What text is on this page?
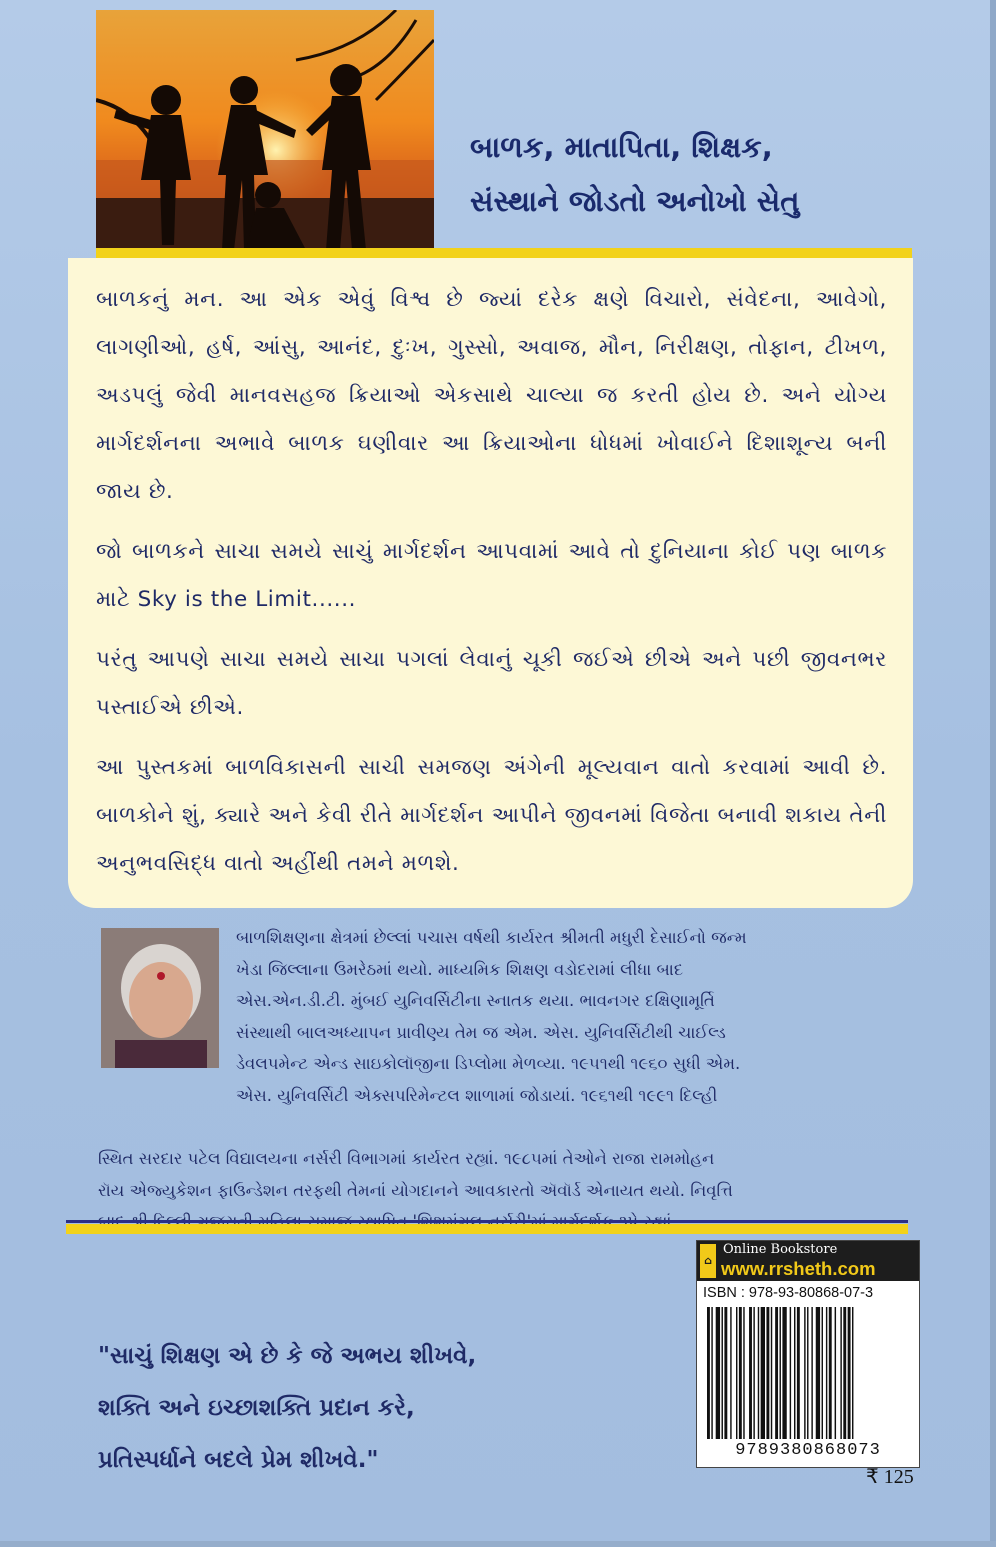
બાળક, માતાપિતા, શિક્ષક,
સંસ્થાને જોડતો અનોખો સેતુ

બાળકનું મન. આ એક એવું વિશ્વ છે જ્યાં દરેક ક્ષણે વિચારો, સંવેદના, આવેગો, લાગણીઓ, હર્ષ, આંસુ, આનંદ, દુઃખ, ગુસ્સો, અવાજ, મૌન, નિરીક્ષણ, તોફાન, ટીખળ, અડપલું જેવી માનવસહજ ક્રિયાઓ એકસાથે ચાલ્યા જ કરતી હોય છે. અને યોગ્ય માર્ગદર્શનના અભાવે બાળક ઘણીવાર આ ક્રિયાઓના ધોધમાં ખોવાઈને દિશાશૂન્ય બની જાય છે.

જો બાળકને સાચા સમયે સાચું માર્ગદર્શન આપવામાં આવે તો દુનિયાના કોઈ પણ બાળક માટે Sky is the Limit......

પરંતુ આપણે સાચા સમયે સાચા પગલાં લેવાનું ચૂકી જઈએ છીએ અને પછી જીવનભર પસ્તાઈએ છીએ.

આ પુસ્તકમાં બાળવિકાસની સાચી સમજણ અંગેની મૂલ્યવાન વાતો કરવામાં આવી છે. બાળકોને શું, ક્યારે અને કેવી રીતે માર્ગદર્શન આપીને જીવનમાં વિજેતા બનાવી શકાય તેની અનુભવસિદ્ધ વાતો અહીંથી તમને મળશે.

બાળશિક્ષણના ક્ષેત્રમાં છેલ્લાં પચાસ વર્ષથી કાર્યરત શ્રીમતી મધુરી દેસાઈનો જન્મ
ખેડા જિલ્લાના ઉમરેઠમાં થયો. માધ્યમિક શિક્ષણ વડોદરામાં લીધા બાદ
એસ.એન.ડી.ટી. મુંબઈ યુનિવર્સિટીના સ્નાતક થયા. ભાવનગર દક્ષિણામૂર્તિ
સંસ્થાથી બાલઅધ્યાપન પ્રાવીણ્ય તેમ જ એમ. એસ. યુનિવર્સિટીથી ચાઈલ્ડ
ડેવલપમેન્ટ એન્ડ સાઇકોલૉજીના ડિપ્લોમા મેળવ્યા. ૧૯૫૧થી ૧૯૬૦ સુધી એમ.
એસ. યુનિવર્સિટી એક્સપરિમેન્ટલ શાળામાં જોડાયાં. ૧૯૬૧થી ૧૯૯૧ દિલ્હી
સ્થિત સરદાર પટેલ વિદ્યાલયના નર્સરી વિભાગમાં કાર્યરત રહ્યાં. ૧૯૮૫માં તેઓને રાજા રામમોહન
રૉય એજ્યુકેશન ફાઉન્ડેશન તરફથી તેમનાં યોગદાનને આવકારતો ઍવૉર્ડ એનાયત થયો. નિવૃત્તિ
"સાચું શિક્ષણ એ છે કે જે અભય શીખવે,
શક્તિ અને ઇચ્છાશક્તિ પ્રદાન કરે,
પ્રતિસ્પર્ધાને બદલે પ્રેમ શીખવે."
⌂
Online Bookstore
www.rrsheth.com
ISBN : 978-93-80868-07-3
9789380868073
₹ 125
